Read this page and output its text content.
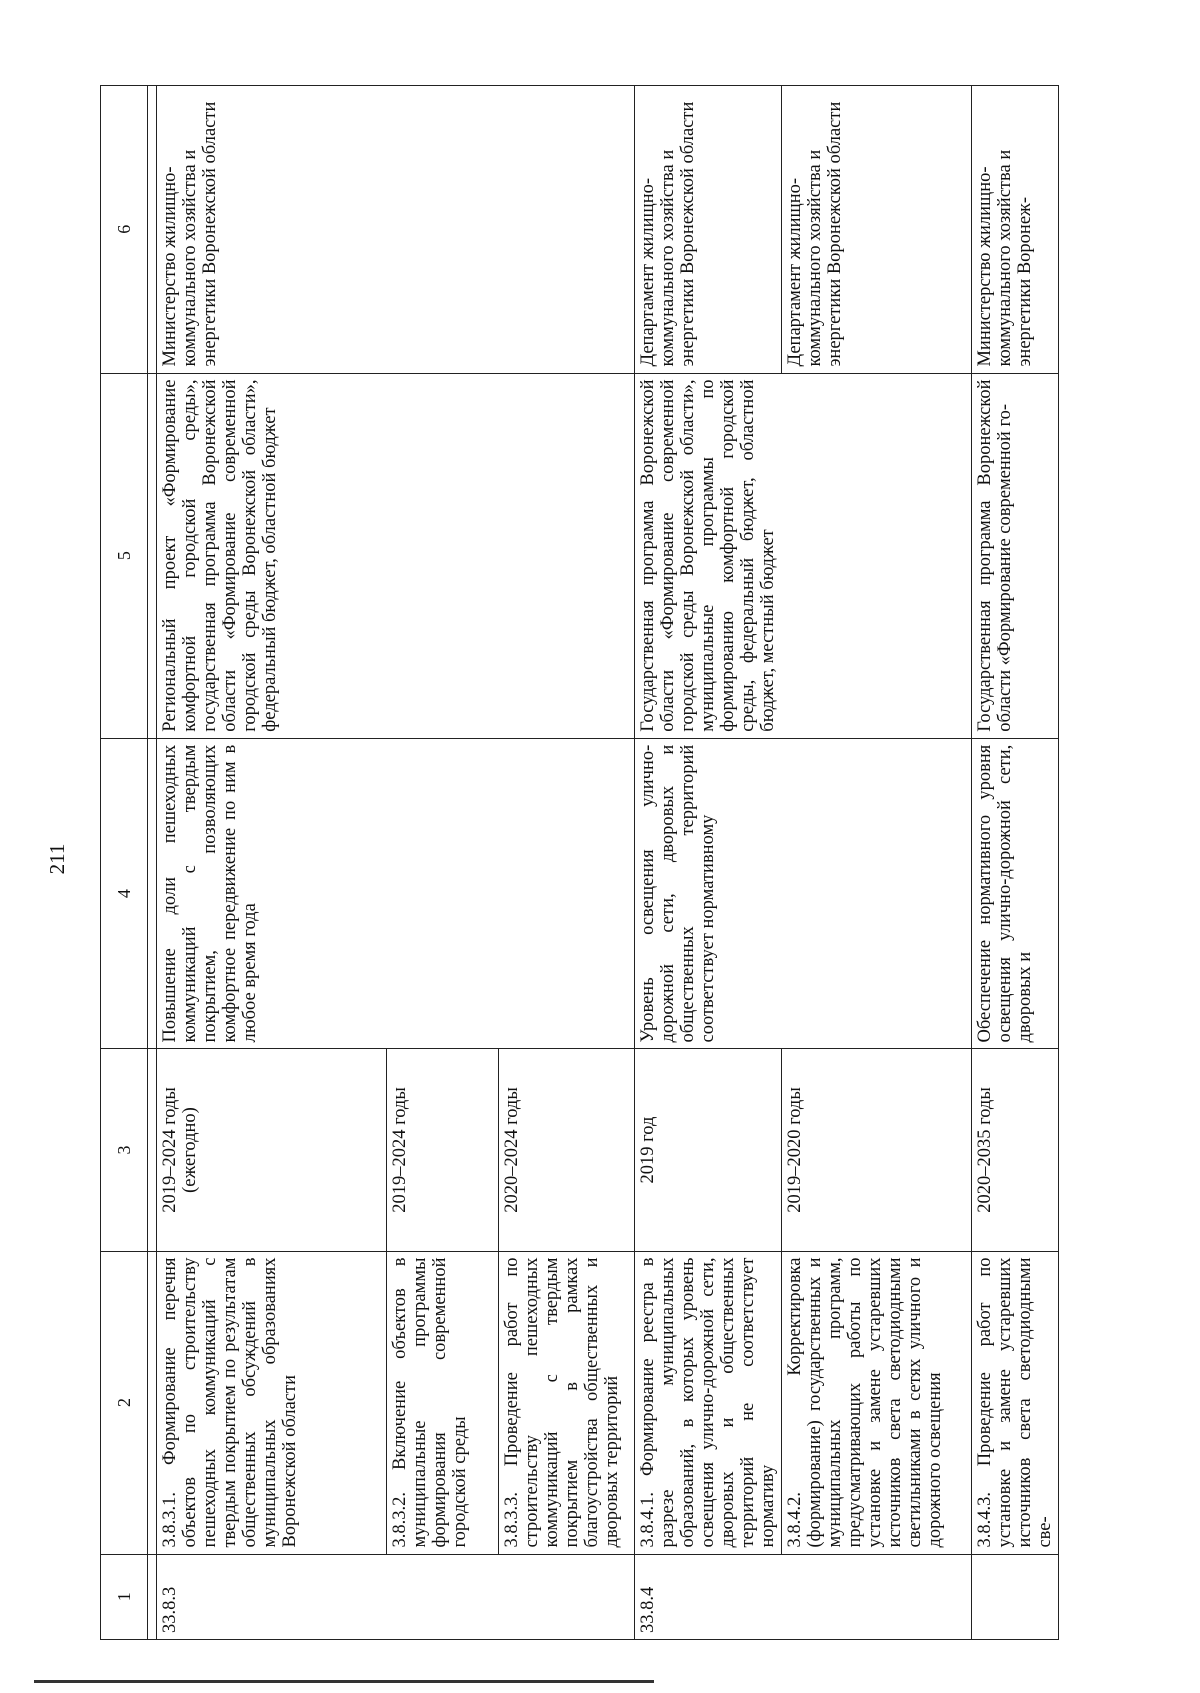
211
1	2	3	4	5	6

33.8.3	3.8.3.1. Формирование перечня объектов по строительству пешеходных коммуникаций с твердым покрытием по результатам общественных обсуждений в муниципальных образованиях Воронежской области	2019–2024 годы (ежегодно)	Повышение доли пешеходных коммуникаций с твердым покрытием, позволяющих комфортное передвижение по ним в любое время года	Региональный проект «Формирование комфортной городской среды», государственная программа Воронежской области «Формирование современной городской среды Воронежской области», федеральный бюджет, областной бюджет	Министерство жилищно-коммунального хозяйства и энергетики Воронежской области
	3.8.3.2. Включение объектов в муниципальные программы формирования современной городской среды	2019–2024 годы			
	3.8.3.3. Проведение работ по строительству пешеходных коммуникаций с твердым покрытием в рамках благоустройства общественных и дворовых территорий	2020–2024 годы			
33.8.4	3.8.4.1. Формирование реестра в разрезе муниципальных образований, в которых уровень освещения улично-дорожной сети, дворовых и общественных территорий не соответствует нормативу	2019 год	Уровень освещения улично-дорожной сети, дворовых и общественных территорий соответствует нормативному	Государственная программа Воронежской области «Формирование современной городской среды Воронежской области», муниципальные программы по формированию комфортной городской среды, федеральный бюджет, областной бюджет, местный бюджет	Департамент жилищно-коммунального хозяйства и энергетики Воронежской области
	3.8.4.2. Корректировка (формирование) государственных и муниципальных программ, предусматривающих работы по установке и замене устаревших источников света светодиодными светильниками в сетях уличного и дорожного освещения	2019–2020 годы			Департамент жилищно-коммунального хозяйства и энергетики Воронежской области
	3.8.4.3. Проведение работ по установке и замене устаревших источников света светодиодными све-	2020–2035 годы	Обеспечение нормативного уровня освещения улично-дорожной сети, дворовых и	Государственная программа Воронежской области «Формирование современной го-	Министерство жилищно-коммунального хозяйства и энергетики Воронеж-
